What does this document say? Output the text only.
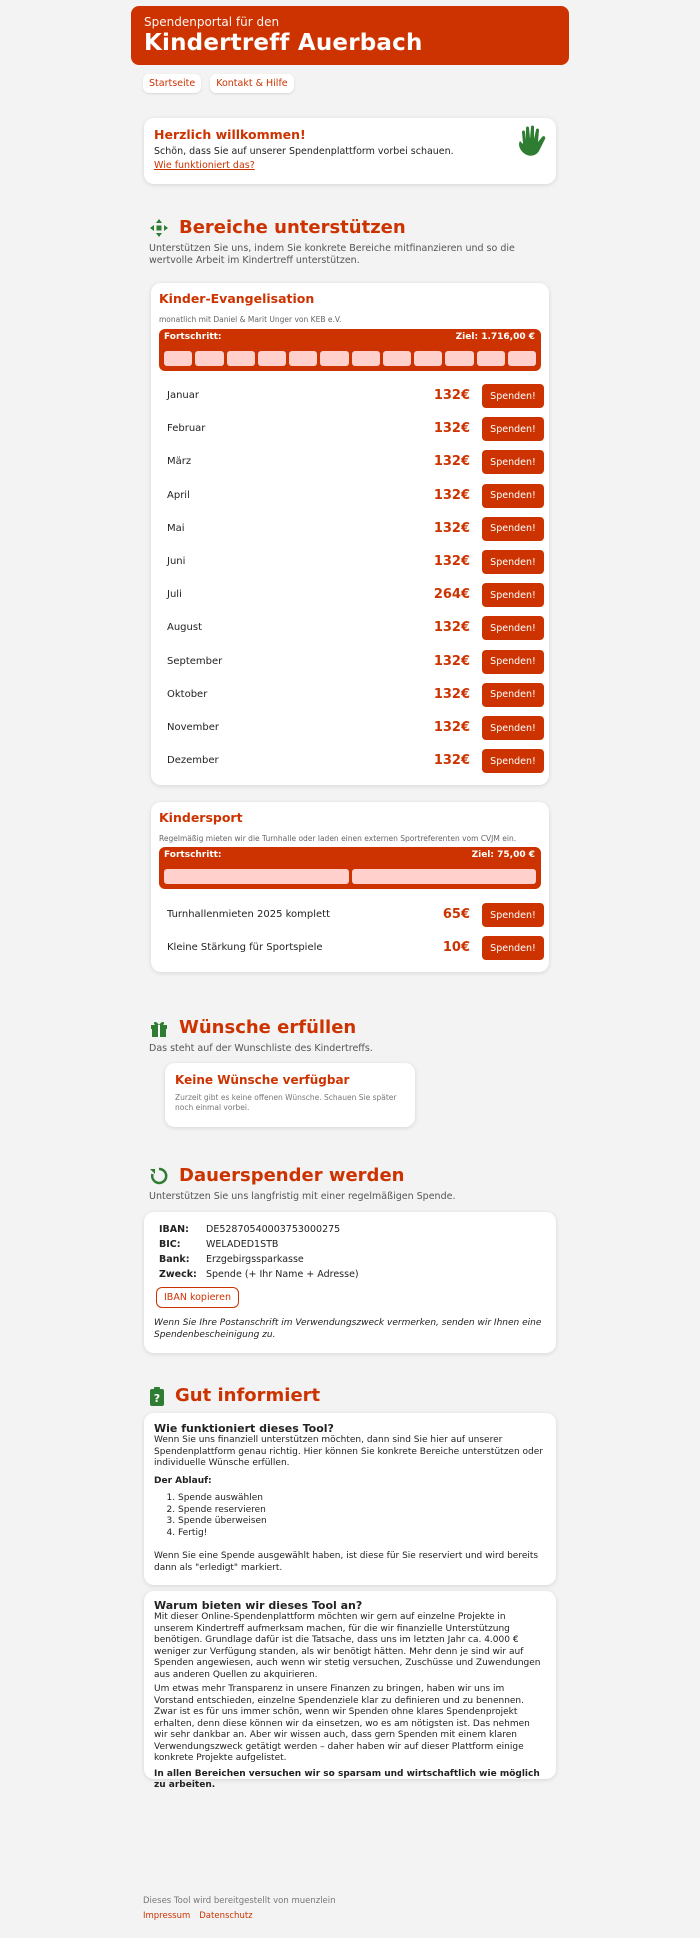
Spendenportal für den
Kindertreff Auerbach
Startseite	Kontakt & Hilfe
Herzlich willkommen!

Schön, dass Sie auf unserer Spendenplattform vorbei schauen.

Wie funktioniert das?
Bereiche unterstützen
Unterstützen Sie uns, indem Sie konkrete Bereiche mitfinanzieren und so die wertvolle Arbeit im Kindertreff unterstützen.
Kinder-Evangelisation
monatlich mit Daniel & Marit Unger von KEB e.V.
Fortschritt:	Ziel: 1.716,00 €
Januar	132€	Spenden!
Februar	132€	Spenden!
März	132€	Spenden!
April	132€	Spenden!
Mai	132€	Spenden!
Juni	132€	Spenden!
Juli	264€	Spenden!
August	132€	Spenden!
September	132€	Spenden!
Oktober	132€	Spenden!
November	132€	Spenden!
Dezember	132€	Spenden!
Kindersport
Regelmäßig mieten wir die Turnhalle oder laden einen externen Sportreferenten vom CVJM ein.
Fortschritt:	Ziel: 75,00 €
Turnhallenmieten 2025 komplett	65€	Spenden!
Kleine Stärkung für Sportspiele	10€	Spenden!
Wünsche erfüllen
Das steht auf der Wunschliste des Kindertreffs.
Keine Wünsche verfügbar
Zurzeit gibt es keine offenen Wünsche. Schauen Sie später noch einmal vorbei.
Dauerspender werden
Unterstützen Sie uns langfristig mit einer regelmäßigen Spende.
IBAN:	DE52870540003753000275
BIC:	WELADED1STB
Bank:	Erzgebirgssparkasse
Zweck:	Spende (+ Ihr Name + Adresse)
IBAN kopieren
Wenn Sie Ihre Postanschrift im Verwendungszweck vermerken, senden wir Ihnen eine Spendenbescheinigung zu.
? Gut informiert
Wie funktioniert dieses Tool?

Wenn Sie uns finanziell unterstützen möchten, dann sind Sie hier auf unserer Spendenplattform genau richtig. Hier können Sie konkrete Bereiche unterstützen oder individuelle Wünsche erfüllen.

Der Ablauf:

1. Spende auswählen
2. Spende reservieren
3. Spende überweisen
4. Fertig!

Wenn Sie eine Spende ausgewählt haben, ist diese für Sie reserviert und wird bereits dann als "erledigt" markiert.

Warum bieten wir dieses Tool an?

Mit dieser Online-Spendenplattform möchten wir gern auf einzelne Projekte in unserem Kindertreff aufmerksam machen, für die wir finanzielle Unterstützung benötigen. Grundlage dafür ist die Tatsache, dass uns im letzten Jahr ca. 4.000 € weniger zur Verfügung standen, als wir benötigt hätten. Mehr denn je sind wir auf Spenden angewiesen, auch wenn wir stetig versuchen, Zuschüsse und Zuwendungen aus anderen Quellen zu akquirieren.

Um etwas mehr Transparenz in unsere Finanzen zu bringen, haben wir uns im Vorstand entschieden, einzelne Spendenziele klar zu definieren und zu benennen. Zwar ist es für uns immer schön, wenn wir Spenden ohne klares Spendenprojekt erhalten, denn diese können wir da einsetzen, wo es am nötigsten ist. Das nehmen wir sehr dankbar an. Aber wir wissen auch, dass gern Spenden mit einem klaren Verwendungszweck getätigt werden – daher haben wir auf dieser Plattform einige konkrete Projekte aufgelistet.

In allen Bereichen versuchen wir so sparsam und wirtschaftlich wie möglich zu arbeiten.

Dieses Tool wird bereitgestellt von muenzlein
Impressum Datenschutz
